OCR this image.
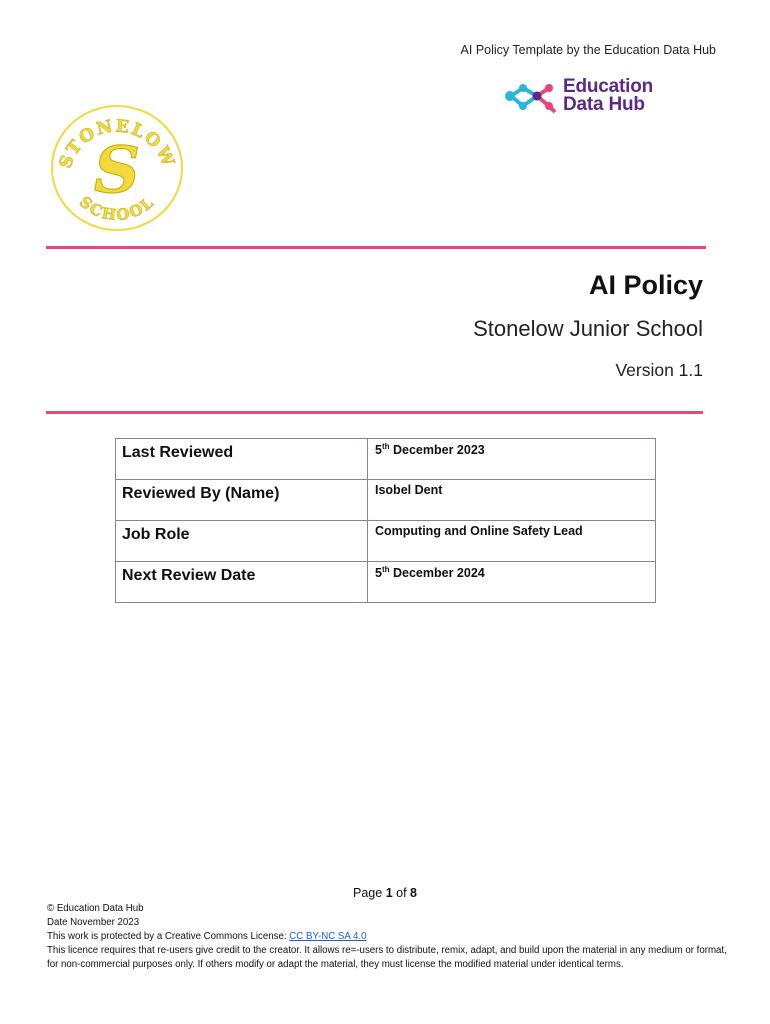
AI Policy Template by the Education Data Hub
Education
Data Hub
STONELOW
SCHOOL
S
AI Policy
Stonelow Junior School
Version 1.1
Last Reviewed	5th December 2023
Reviewed By (Name)	Isobel Dent
Job Role	Computing and Online Safety Lead
Next Review Date	5th December 2024
Page 1 of 8
© Education Data Hub
Date November 2023
This work is protected by a Creative Commons License: CC BY-NC SA 4.0
This licence requires that re-users give credit to the creator. It allows re=-users to distribute, remix, adapt, and build upon the material in any medium or format, for non-commercial purposes only. If others modify or adapt the material, they must license the modified material under identical terms.
